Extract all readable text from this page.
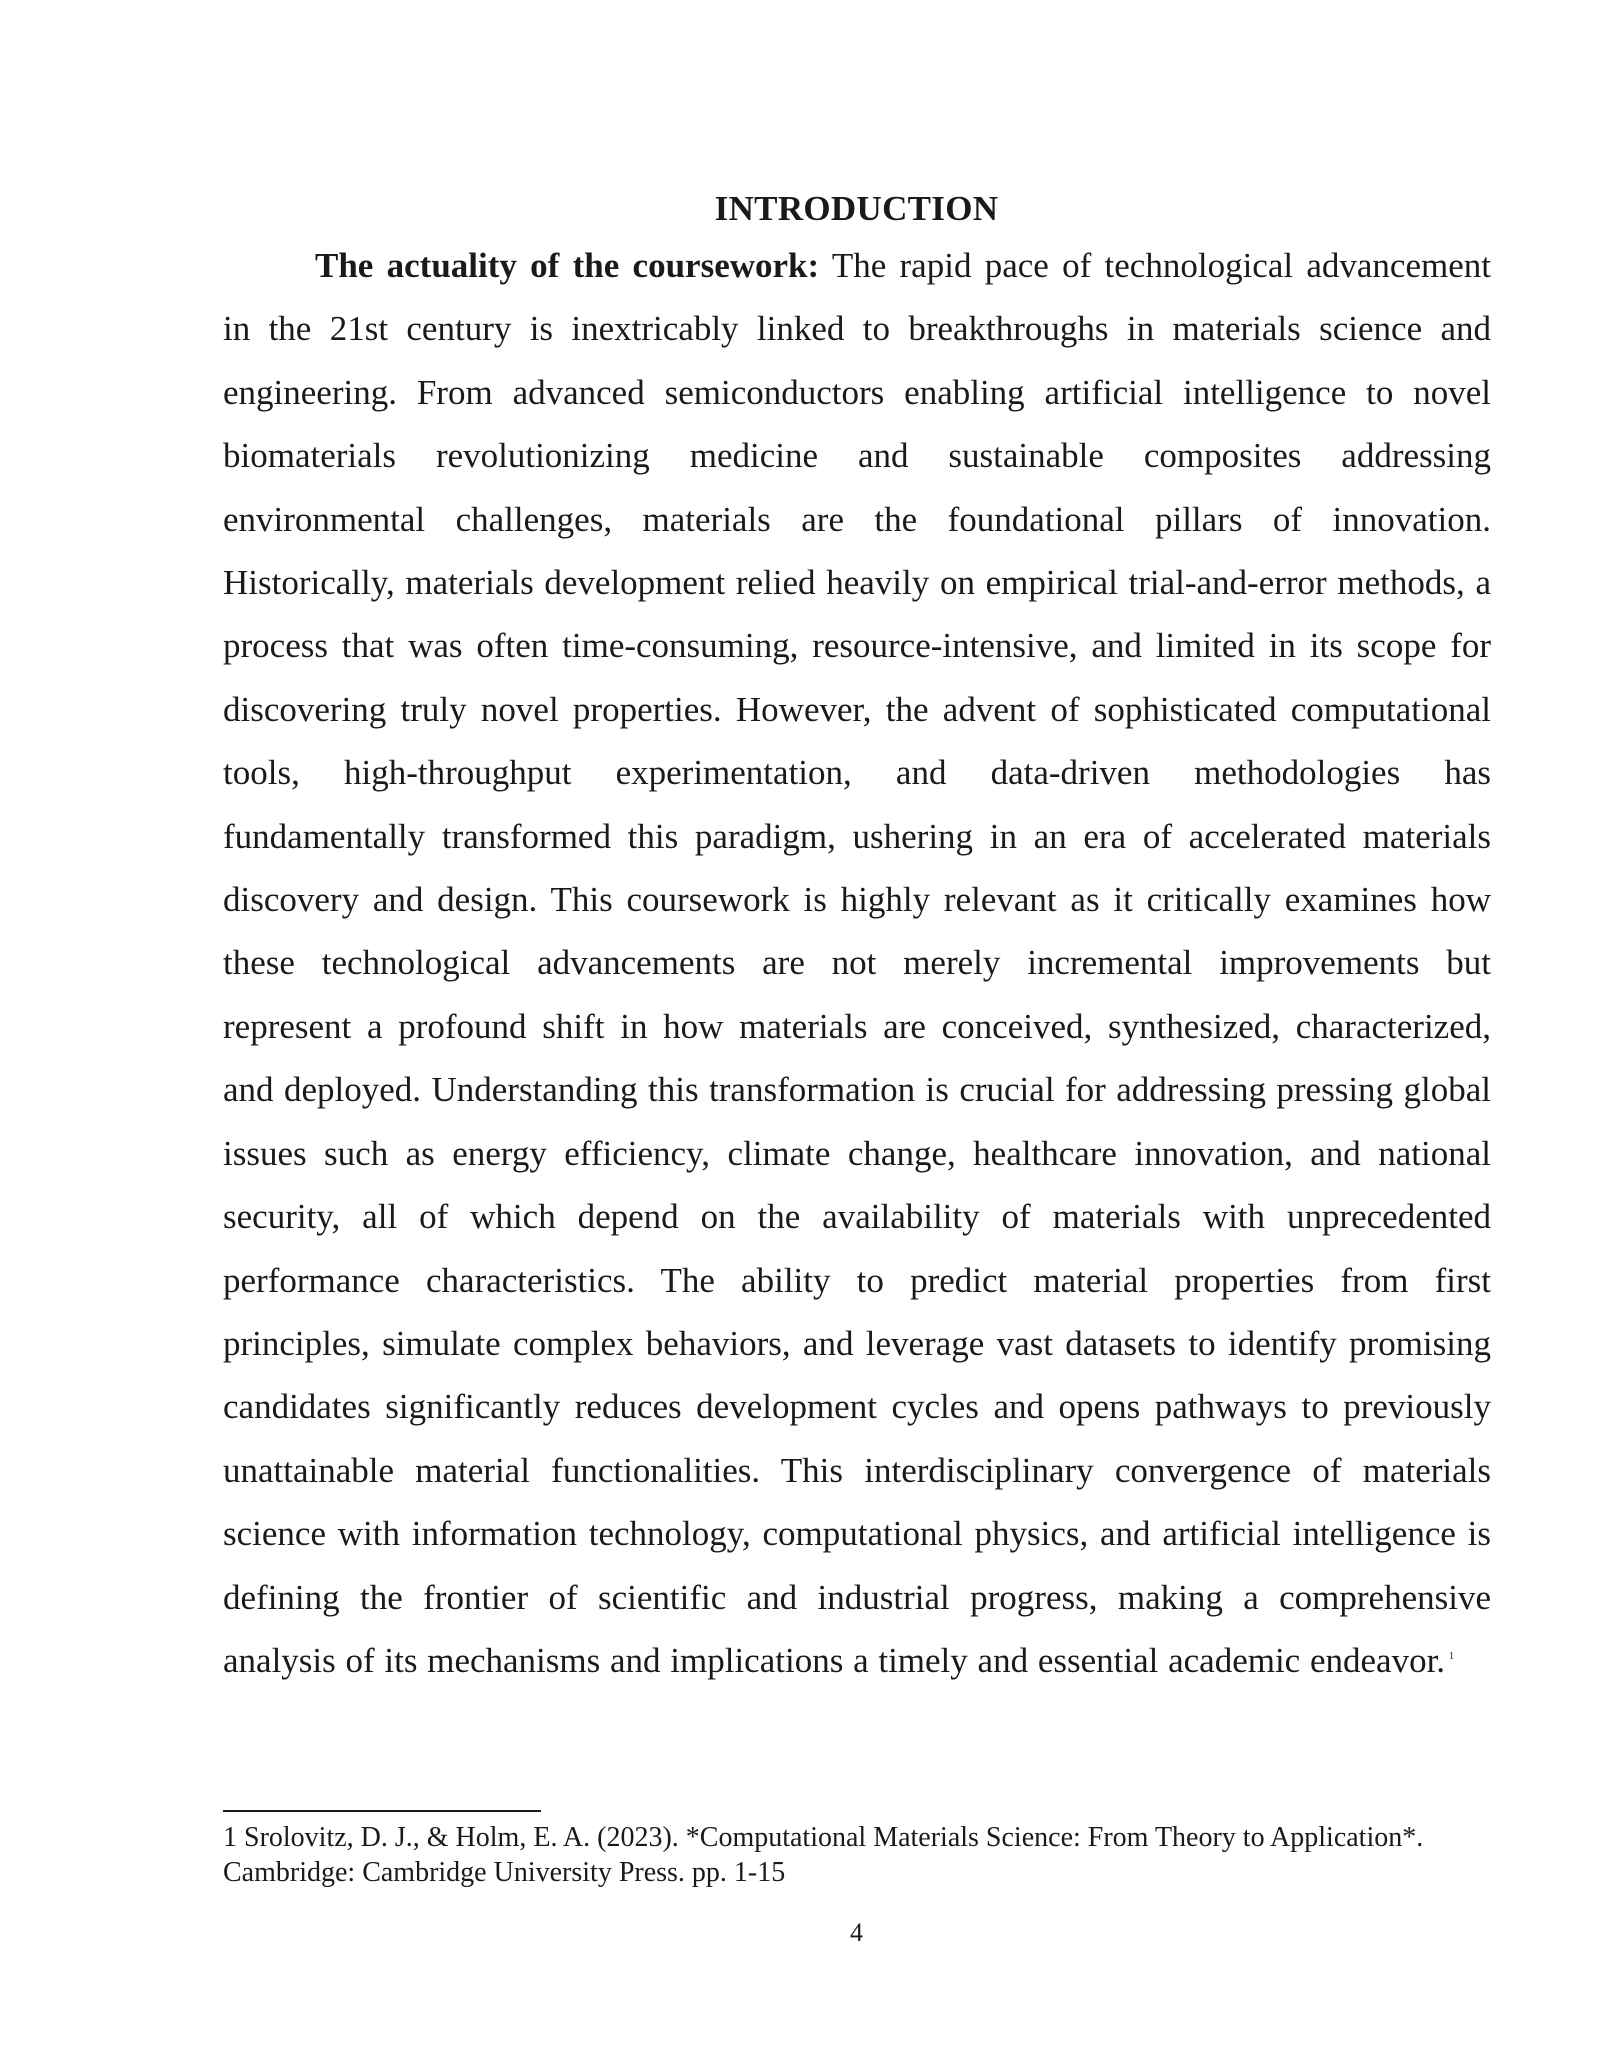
INTRODUCTION

The actuality of the coursework: The rapid pace of technological advancement in the 21st century is inextricably linked to breakthroughs in materials science and engineering. From advanced semiconductors enabling artificial intelligence to novel biomaterials revolutionizing medicine and sustainable composites addressing environmental challenges, materials are the foundational pillars of innovation. Historically, materials development relied heavily on empirical trial-and-error methods, a process that was often time-consuming, resource-intensive, and limited in its scope for discovering truly novel properties. However, the advent of sophisticated computational tools, high-throughput experimentation, and data-driven methodologies has fundamentally transformed this paradigm, ushering in an era of accelerated materials discovery and design. This coursework is highly relevant as it critically examines how these technological advancements are not merely incremental improvements but represent a profound shift in how materials are conceived, synthesized, characterized, and deployed. Understanding this transformation is crucial for addressing pressing global issues such as energy efficiency, climate change, healthcare innovation, and national security, all of which depend on the availability of materials with unprecedented performance characteristics. The ability to predict material properties from first principles, simulate complex behaviors, and leverage vast datasets to identify promising candidates significantly reduces development cycles and opens pathways to previously unattainable material functionalities. This interdisciplinary convergence of materials science with information technology, computational physics, and artificial intelligence is defining the frontier of scientific and industrial progress, making a comprehensive analysis of its mechanisms and implications a timely and essential academic endeavor. $^1$

1 Srolovitz, D. J., & Holm, E. A. (2023). *Computational Materials Science: From Theory to Application*.
Cambridge: Cambridge University Press. pp. 1-15
4
